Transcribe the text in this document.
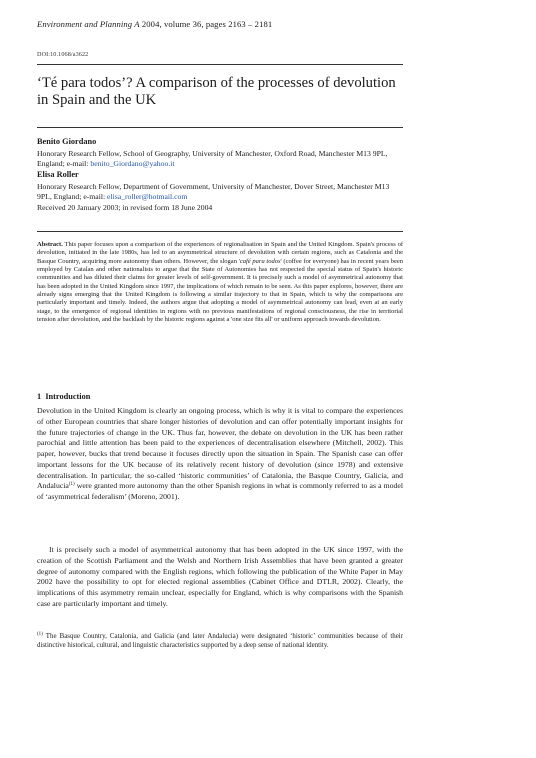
Environment and Planning A 2004, volume 36, pages 2163 – 2181
DOI:10.1068/a3622
‘Té para todos’? A comparison of the processes of devolution in Spain and the UK
Benito Giordano
Honorary Research Fellow, School of Geography, University of Manchester, Oxford Road, Manchester M13 9PL, England; e-mail: benito_Giordano@yahoo.it
Elisa Roller
Honorary Research Fellow, Department of Government, University of Manchester, Dover Street, Manchester M13 9PL, England; e-mail: elisa_roller@hotmail.com
Received 20 January 2003; in revised form 18 June 2004

Abstract. This paper focuses upon a comparison of the experiences of regionalisation in Spain and the United Kingdom. Spain's process of devolution, initiated in the late 1980s, has led to an asymmetrical structure of devolution with certain regions, such as Catalonia and the Basque Country, acquiring more autonomy than others. However, the slogan 'café para todos' (coffee for everyone) has in recent years been employed by Catalan and other nationalists to argue that the State of Autonomies has not respected the special status of Spain's historic communities and has diluted their claims for greater levels of self-government. It is precisely such a model of asymmetrical autonomy that has been adopted in the United Kingdom since 1997, the implications of which remain to be seen. As this paper explores, however, there are already signs emerging that the United Kingdom is following a similar trajectory to that in Spain, which is why the comparisons are particularly important and timely. Indeed, the authors argue that adopting a model of asymmetrical autonomy can lead, even at an early stage, to the emergence of regional identities in regions with no previous manifestations of regional consciousness, the rise in territorial tension after devolution, and the backlash by the historic regions against a 'one size fits all' or uniform approach towards devolution.

1 Introduction

Devolution in the United Kingdom is clearly an ongoing process, which is why it is vital to compare the experiences of other European countries that share longer histories of devolution and can offer potentially important insights for the future trajectories of change in the UK. Thus far, however, the debate on devolution in the UK has been rather parochial and little attention has been paid to the experiences of decentralisation elsewhere (Mitchell, 2002). This paper, however, bucks that trend because it focuses directly upon the situation in Spain. The Spanish case can offer important lessons for the UK because of its relatively recent history of devolution (since 1978) and extensive decentralisation. In particular, the so-called ‘historic communities’ of Catalonia, the Basque Country, Galicia, and Andalucia$^{(1)}$ were granted more autonomy than the other Spanish regions in what is commonly referred to as a model of ‘asymmetrical federalism’ (Moreno, 2001).

It is precisely such a model of asymmetrical autonomy that has been adopted in the UK since 1997, with the creation of the Scottish Parliament and the Welsh and Northern Irish Assemblies that have been granted a greater degree of autonomy compared with the English regions, which following the publication of the White Paper in May 2002 have the possibility to opt for elected regional assemblies (Cabinet Office and DTLR, 2002). Clearly, the implications of this asymmetry remain unclear, especially for England, which is why comparisons with the Spanish case are particularly important and timely.

$^{(1)}$ The Basque Country, Catalonia, and Galicia (and later Andalucia) were designated ‘historic’ communities because of their distinctive historical, cultural, and linguistic characteristics supported by a deep sense of national identity.
